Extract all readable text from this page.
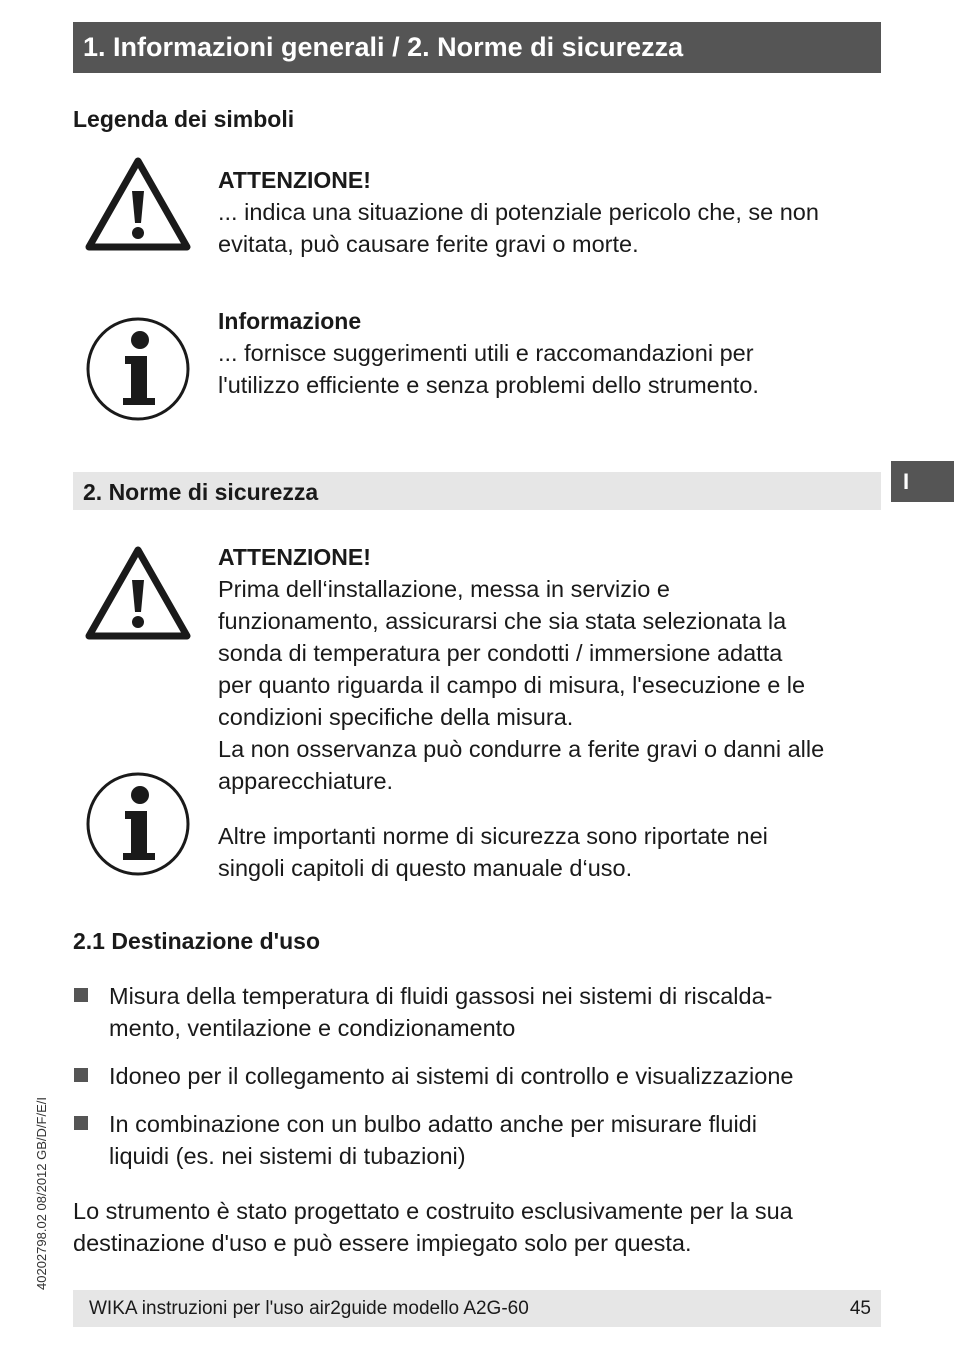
1. Informazioni generali / 2. Norme di sicurezza
Legenda dei simboli
ATTENZIONE!
... indica una situazione di potenziale pericolo che, se non
evitata, può causare ferite gravi o morte.
Informazione
... fornisce suggerimenti utili e raccomandazioni per
l'utilizzo efficiente e senza problemi dello strumento.
2. Norme di sicurezza	I
ATTENZIONE!
Prima dell‘installazione, messa in servizio e
funzionamento, assicurarsi che sia stata selezionata la
sonda di temperatura per condotti / immersione adatta
per quanto riguarda il campo di misura, l'esecuzione e le
condizioni specifiche della misura.
La non osservanza può condurre a ferite gravi o danni alle
apparecchiature.
Altre importanti norme di sicurezza sono riportate nei
singoli capitoli di questo manuale d‘uso.
2.1 Destinazione d'uso
Misura della temperatura di fluidi gassosi nei sistemi di riscalda-
mento, ventilazione e condizionamento
Idoneo per il collegamento ai sistemi di controllo e visualizzazione
In combinazione con un bulbo adatto anche per misurare fluidi
liquidi (es. nei sistemi di tubazioni)
Lo strumento è stato progettato e costruito esclusivamente per la sua
destinazione d'uso e può essere impiegato solo per questa.
40202798.02 08/2012 GB/D/F/E/I
WIKA instruzioni per l'uso air2guide modello A2G-60	45
